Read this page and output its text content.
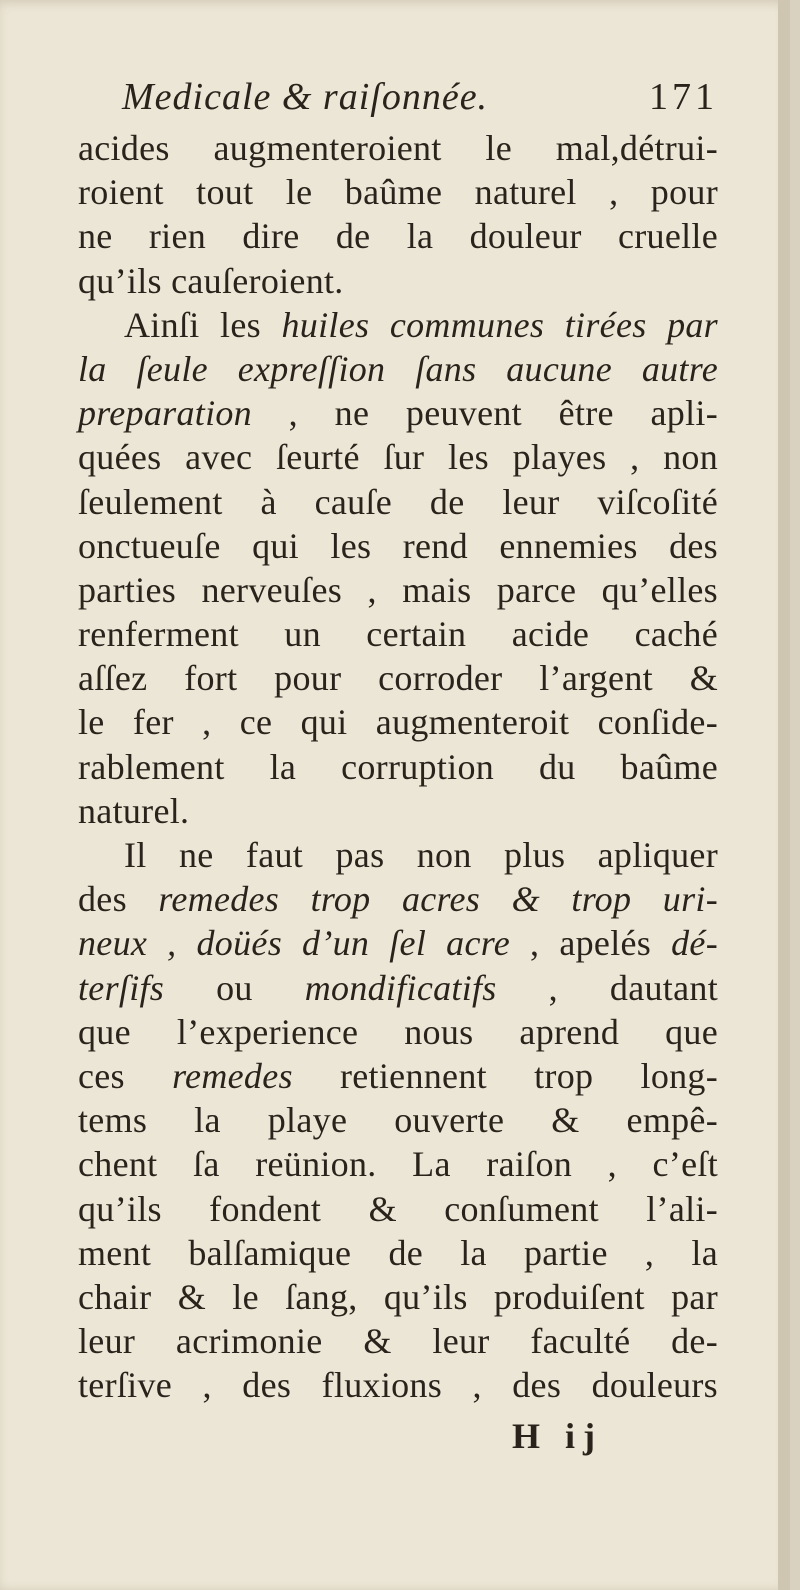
Medicale & raiſonnée.	171
acides augmenteroient le mal,détrui-
roient tout le baûme naturel , pour
ne rien dire de la douleur cruelle
qu’ils cauſeroient.
Ainſi les huiles communes tirées par
la ſeule expreſſion ſans aucune autre
preparation , ne peuvent être apli-
quées avec ſeurté ſur les playes , non
ſeulement à cauſe de leur viſcoſité
onctueuſe qui les rend ennemies des
parties nerveuſes , mais parce qu’elles
renferment un certain acide caché
aſſez fort pour corroder l’argent &
le fer , ce qui augmenteroit conſide-
rablement la corruption du baûme
naturel.
Il ne faut pas non plus apliquer
des remedes trop acres & trop uri-
neux , doüés d’un ſel acre , apelés dé-
terſifs ou mondificatifs , dautant
que l’experience nous aprend que
ces remedes retiennent trop long-
tems la playe ouverte & empê-
chent ſa reünion. La raiſon , c’eſt
qu’ils fondent & conſument l’ali-
ment balſamique de la partie , la
chair & le ſang, qu’ils produiſent par
leur acrimonie & leur faculté de-
terſive , des fluxions , des douleurs
H ij
